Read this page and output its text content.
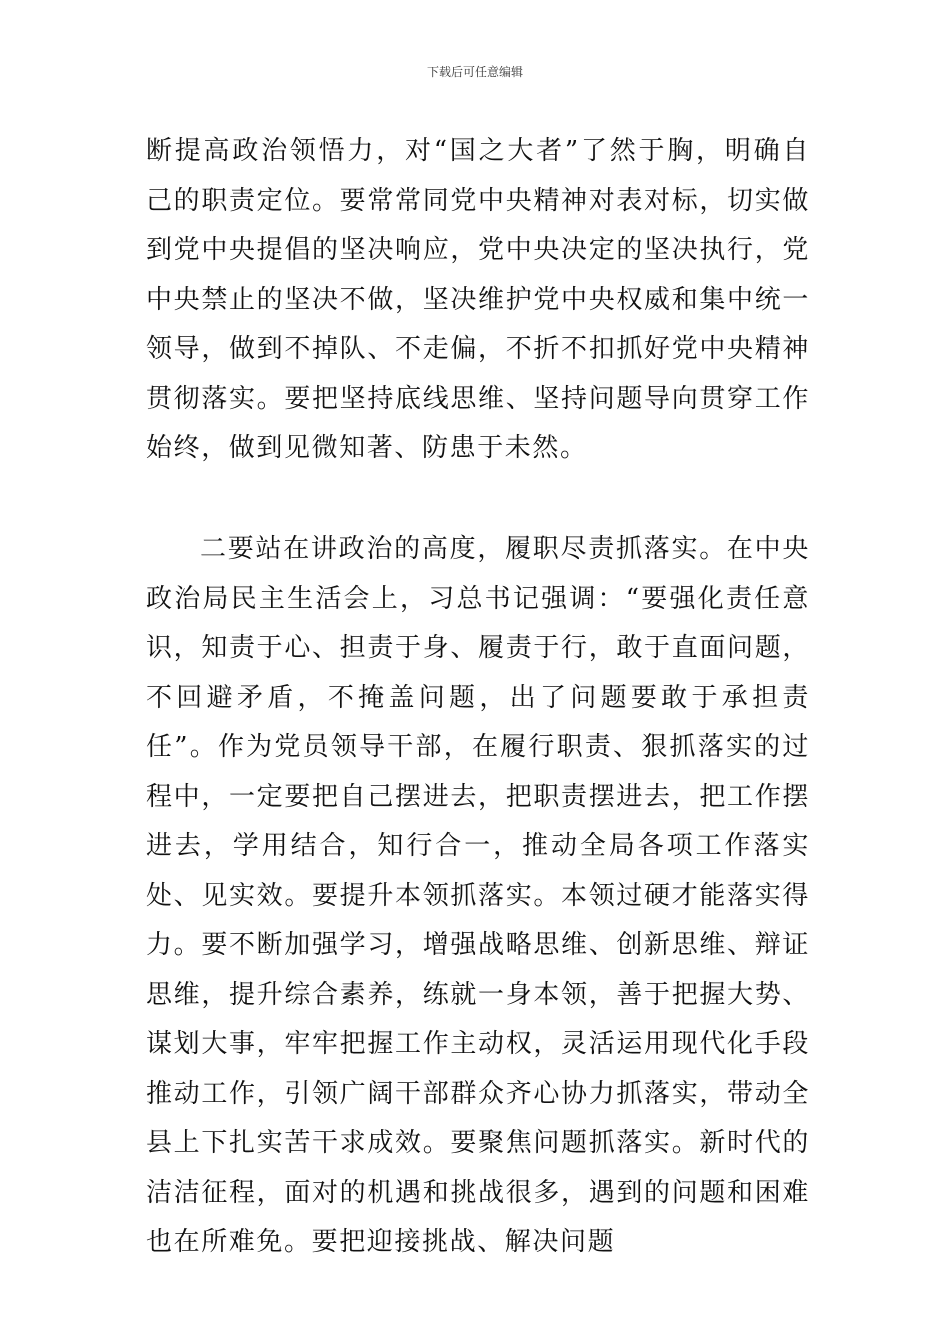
下载后可任意编辑

断提高政治领悟力，对“国之大者”了然于胸，明确自己的职责定位。要常常同党中央精神对表对标，切实做到党中央提倡的坚决响应，党中央决定的坚决执行，党中央禁止的坚决不做，坚决维护党中央权威和集中统一领导，做到不掉队、不走偏，不折不扣抓好党中央精神贯彻落实。要把坚持底线思维、坚持问题导向贯穿工作始终，做到见微知著、防患于未然。

二要站在讲政治的高度，履职尽责抓落实。在中央政治局民主生活会上，习总书记强调：“要强化责任意识，知责于心、担责于身、履责于行，敢于直面问题，不回避矛盾，不掩盖问题，出了问题要敢于承担责任”。作为党员领导干部，在履行职责、狠抓落实的过程中，一定要把自己摆进去，把职责摆进去，把工作摆进去，学用结合，知行合一，推动全局各项工作落实处、见实效。要提升本领抓落实。本领过硬才能落实得力。要不断加强学习，增强战略思维、创新思维、辩证思维，提升综合素养，练就一身本领，善于把握大势、谋划大事，牢牢把握工作主动权，灵活运用现代化手段推动工作，引领广阔干部群众齐心协力抓落实，带动全县上下扎实苦干求成效。要聚焦问题抓落实。新时代的洁洁征程，面对的机遇和挑战很多，遇到的问题和困难也在所难免。要把迎接挑战、解决问题
